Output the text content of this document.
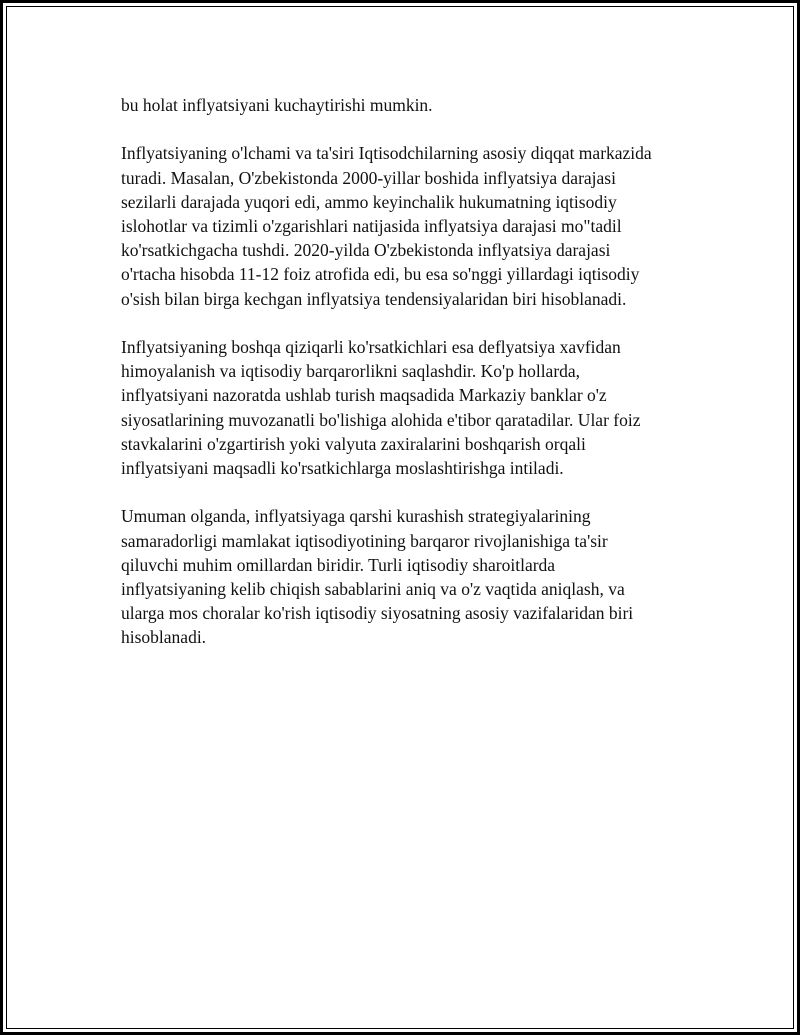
bu holat inflyatsiyani kuchaytirishi mumkin.

Inflyatsiyaning o'lchami va ta'siri Iqtisodchilarning asosiy diqqat markazida
turadi. Masalan, O'zbekistonda 2000-yillar boshida inflyatsiya darajasi
sezilarli darajada yuqori edi, ammo keyinchalik hukumatning iqtisodiy
islohotlar va tizimli o'zgarishlari natijasida inflyatsiya darajasi mo"tadil
ko'rsatkichgacha tushdi. 2020-yilda O'zbekistonda inflyatsiya darajasi
o'rtacha hisobda 11-12 foiz atrofida edi, bu esa so'nggi yillardagi iqtisodiy
o'sish bilan birga kechgan inflyatsiya tendensiyalaridan biri hisoblanadi.

Inflyatsiyaning boshqa qiziqarli ko'rsatkichlari esa deflyatsiya xavfidan
himoyalanish va iqtisodiy barqarorlikni saqlashdir. Ko'p hollarda,
inflyatsiyani nazoratda ushlab turish maqsadida Markaziy banklar o'z
siyosatlarining muvozanatli bo'lishiga alohida e'tibor qaratadilar. Ular foiz
stavkalarini o'zgartirish yoki valyuta zaxiralarini boshqarish orqali
inflyatsiyani maqsadli ko'rsatkichlarga moslashtirishga intiladi.

Umuman olganda, inflyatsiyaga qarshi kurashish strategiyalarining
samaradorligi mamlakat iqtisodiyotining barqaror rivojlanishiga ta'sir
qiluvchi muhim omillardan biridir. Turli iqtisodiy sharoitlarda
inflyatsiyaning kelib chiqish sabablarini aniq va o'z vaqtida aniqlash, va
ularga mos choralar ko'rish iqtisodiy siyosatning asosiy vazifalaridan biri
hisoblanadi.
